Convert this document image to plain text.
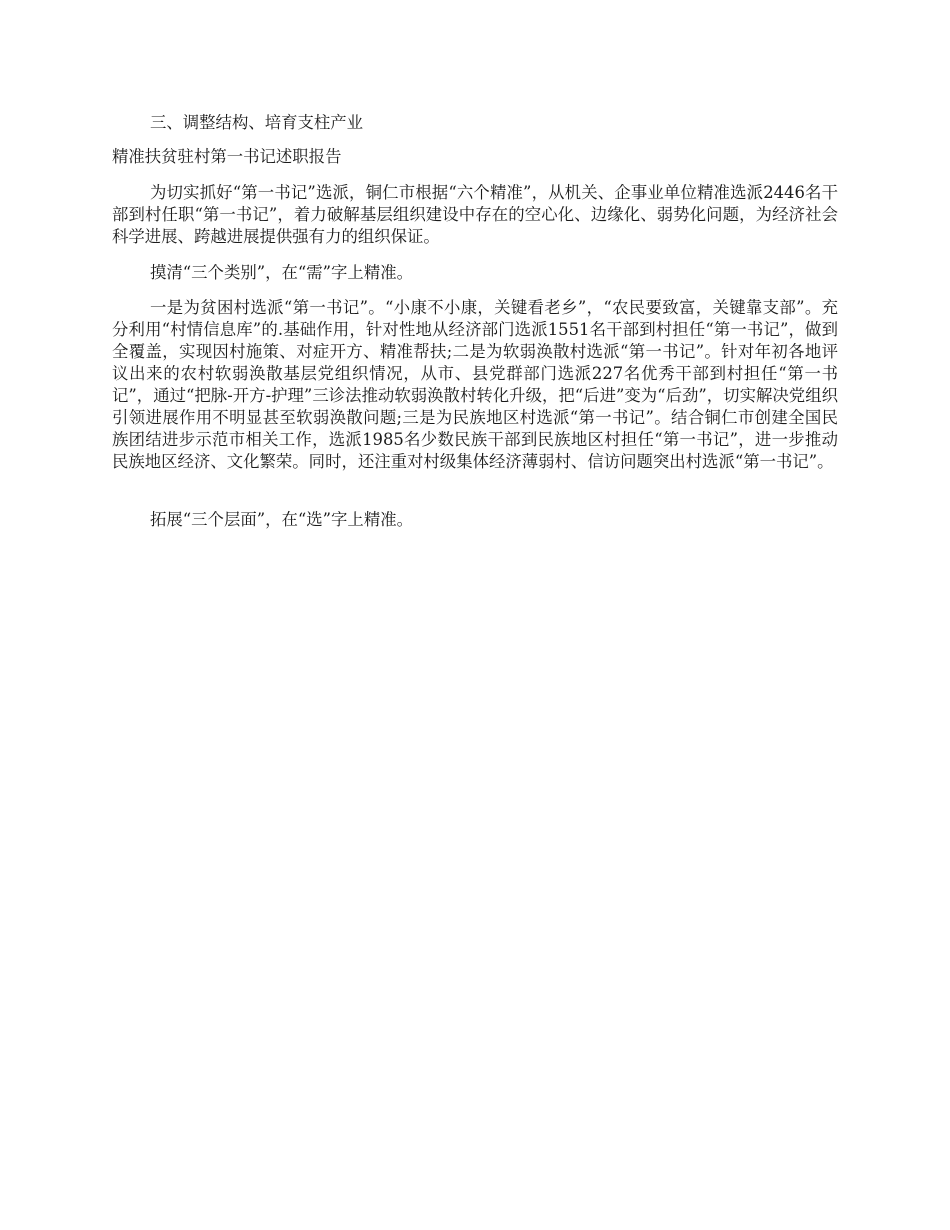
三、调整结构、培育支柱产业

精准扶贫驻村第一书记述职报告

为切实抓好“第一书记”选派，铜仁市根据“六个精准”，从机关、企事业单位精准选派2446名干部到村任职“第一书记”，着力破解基层组织建设中存在的空心化、边缘化、弱势化问题，为经济社会科学进展、跨越进展提供强有力的组织保证。

摸清“三个类别”，在“需”字上精准。

一是为贫困村选派“第一书记”。“小康不小康，关键看老乡”，“农民要致富，关键靠支部”。充分利用“村情信息库”的.基础作用，针对性地从经济部门选派1551名干部到村担任“第一书记”，做到全覆盖，实现因村施策、对症开方、精准帮扶;二是为软弱涣散村选派“第一书记”。针对年初各地评议出来的农村软弱涣散基层党组织情况，从市、县党群部门选派227名优秀干部到村担任“第一书记”，通过“把脉-开方-护理”三诊法推动软弱涣散村转化升级，把“后进”变为“后劲”，切实解决党组织引领进展作用不明显甚至软弱涣散问题;三是为民族地区村选派“第一书记”。结合铜仁市创建全国民族团结进步示范市相关工作，选派1985名少数民族干部到民族地区村担任“第一书记”，进一步推动民族地区经济、文化繁荣。同时，还注重对村级集体经济薄弱村、信访问题突出村选派“第一书记”。

拓展“三个层面”，在“选”字上精准。
